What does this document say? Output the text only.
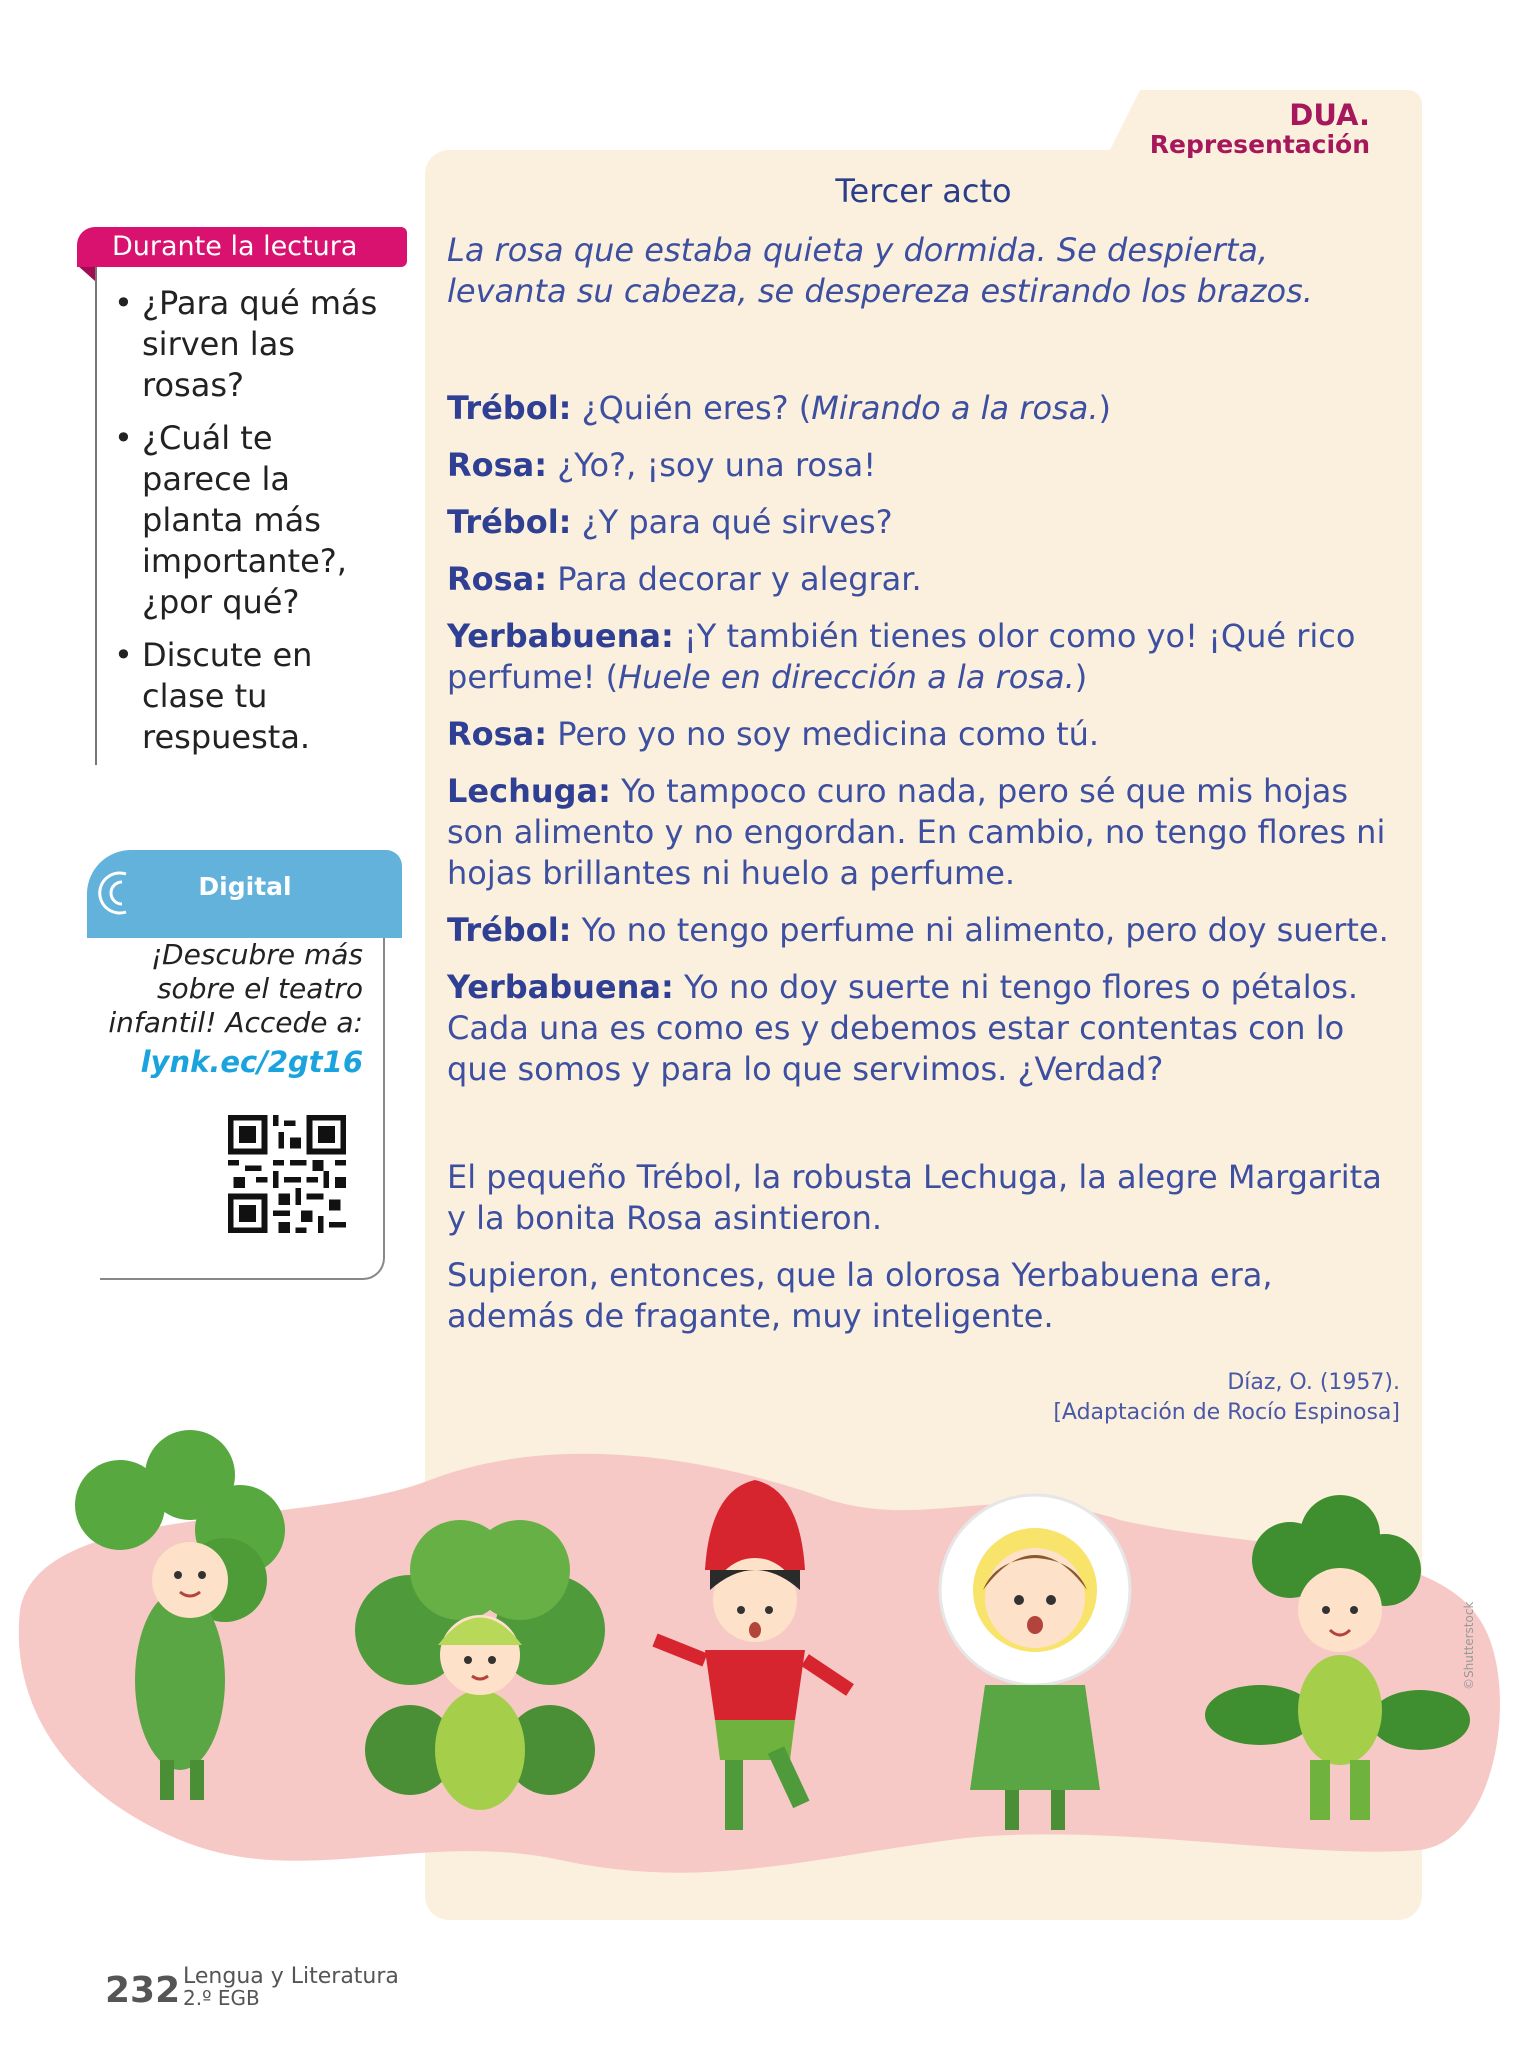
DUA.
Representación
Tercer acto
La rosa que estaba quieta y dormida. Se despierta, levanta su cabeza, se despereza estirando los brazos.
Trébol: ¿Quién eres? (Mirando a la rosa.)
Rosa: ¿Yo?, ¡soy una rosa!
Trébol: ¿Y para qué sirves?
Rosa: Para decorar y alegrar.
Yerbabuena: ¡Y también tienes olor como yo! ¡Qué rico perfume! (Huele en dirección a la rosa.)
Rosa: Pero yo no soy medicina como tú.
Lechuga: Yo tampoco curo nada, pero sé que mis hojas son alimento y no engordan. En cambio, no tengo flores ni hojas brillantes ni huelo a perfume.
Trébol: Yo no tengo perfume ni alimento, pero doy suerte.
Yerbabuena: Yo no doy suerte ni tengo flores o pétalos. Cada una es como es y debemos estar contentas con lo que somos y para lo que servimos. ¿Verdad?
El pequeño Trébol, la robusta Lechuga, la alegre Margarita y la bonita Rosa asintieron.
Supieron, entonces, que la olorosa Yerbabuena era, además de fragante, muy inteligente.
Díaz, O. (1957).
[Adaptación de Rocío Espinosa]
Durante la lectura
• ¿Para qué más sirven las rosas?
• ¿Cuál te parece la planta más importante?, ¿por qué?
• Discute en clase tu respuesta.
Digital
¡Descubre más sobre el teatro infantil! Accede a:
lynk.ec/2gt16
©Shutterstock
232 Lengua y Literatura
2.º EGB
